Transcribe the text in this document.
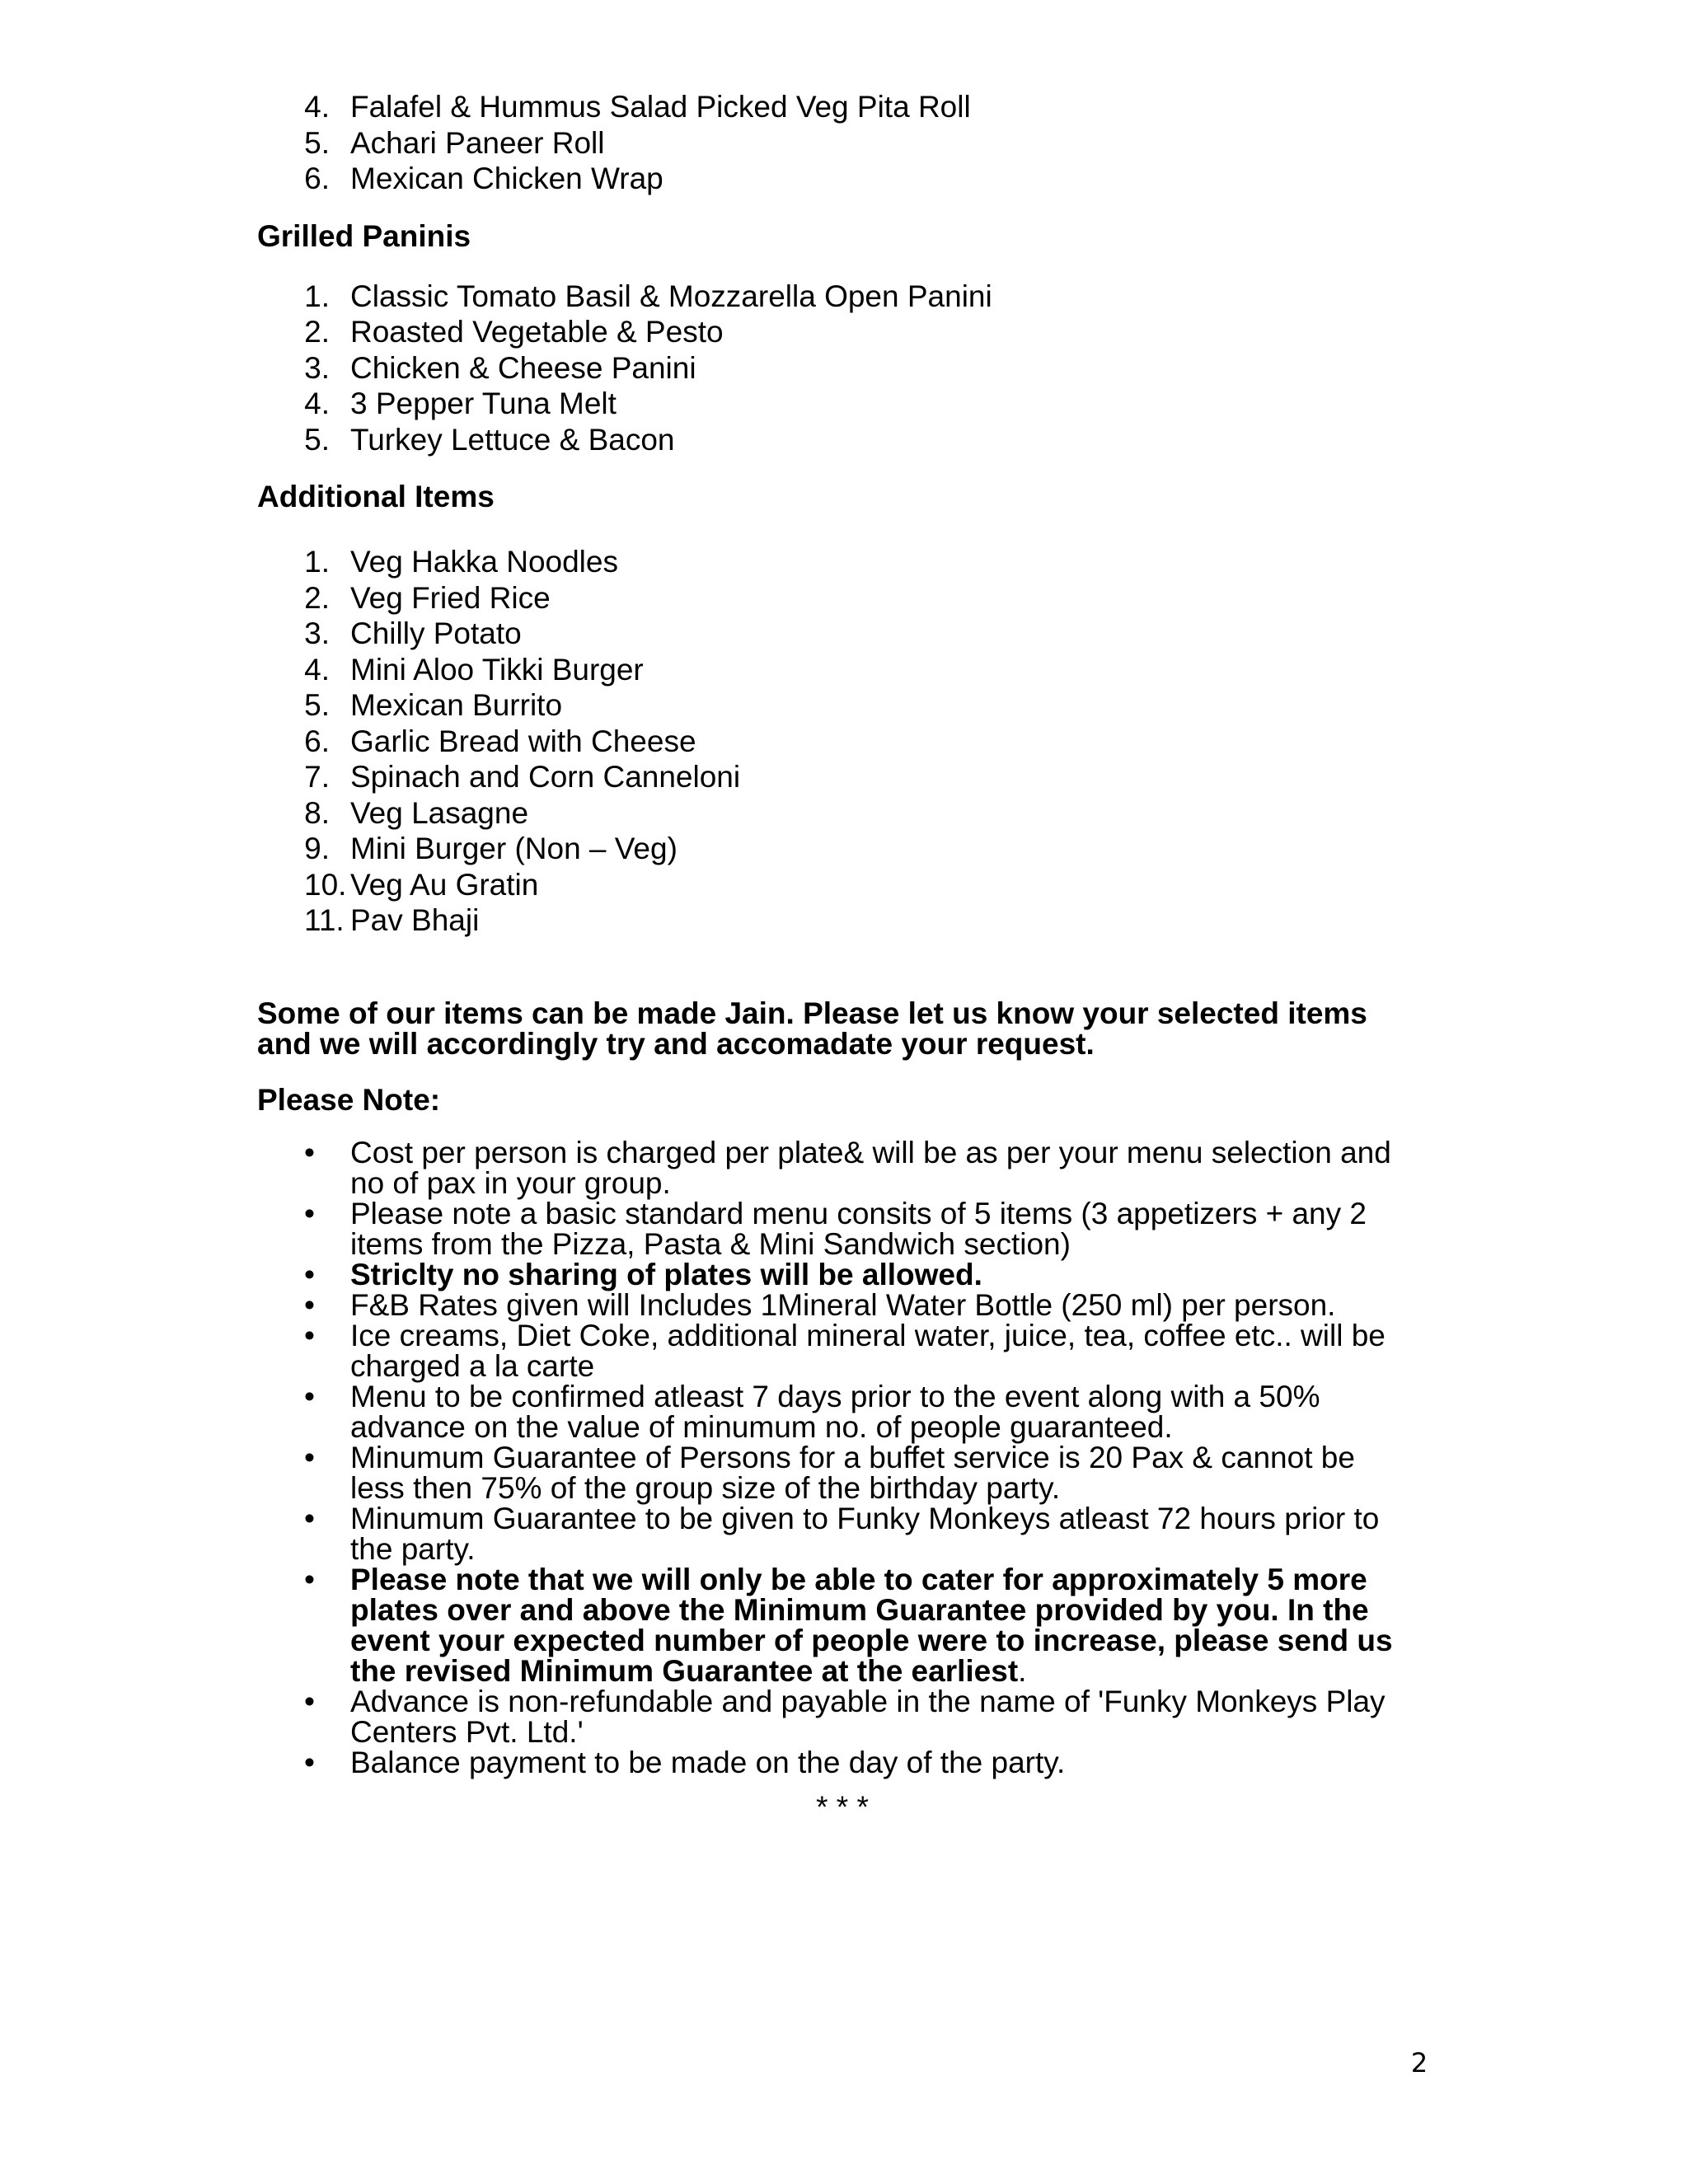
4. Falafel & Hummus Salad Picked Veg Pita Roll
5. Achari Paneer Roll
6. Mexican Chicken Wrap

Grilled Paninis

1. Classic Tomato Basil & Mozzarella Open Panini
2. Roasted Vegetable & Pesto
3. Chicken & Cheese Panini
4. 3 Pepper Tuna Melt
5. Turkey Lettuce & Bacon

Additional Items

1. Veg Hakka Noodles
2. Veg Fried Rice
3. Chilly Potato
4. Mini Aloo Tikki Burger
5. Mexican Burrito
6. Garlic Bread with Cheese
7. Spinach and Corn Canneloni
8. Veg Lasagne
9. Mini Burger (Non – Veg)
10. Veg Au Gratin
11. Pav Bhaji

Some of our items can be made Jain. Please let us know your selected items
and we will accordingly try and accomadate your request.

Please Note:

• Cost per person is charged per plate& will be as per your menu selection and
no of pax in your group.
• Please note a basic standard menu consits of 5 items (3 appetizers + any 2
items from the Pizza, Pasta & Mini Sandwich section)
• Striclty no sharing of plates will be allowed.
• F&B Rates given will Includes 1Mineral Water Bottle (250 ml) per person.
• Ice creams, Diet Coke, additional mineral water, juice, tea, coffee etc.. will be
charged a la carte
• Menu to be confirmed atleast 7 days prior to the event along with a 50%
advance on the value of minumum no. of people guaranteed.
• Minumum Guarantee of Persons for a buffet service is 20 Pax & cannot be
less then 75% of the group size of the birthday party.
• Minumum Guarantee to be given to Funky Monkeys atleast 72 hours prior to
the party.
• Please note that we will only be able to cater for approximately 5 more
plates over and above the Minimum Guarantee provided by you. In the
event your expected number of people were to increase, please send us
the revised Minimum Guarantee at the earliest.
• Advance is non-refundable and payable in the name of 'Funky Monkeys Play
Centers Pvt. Ltd.'
• Balance payment to be made on the day of the party.
* * *
2
